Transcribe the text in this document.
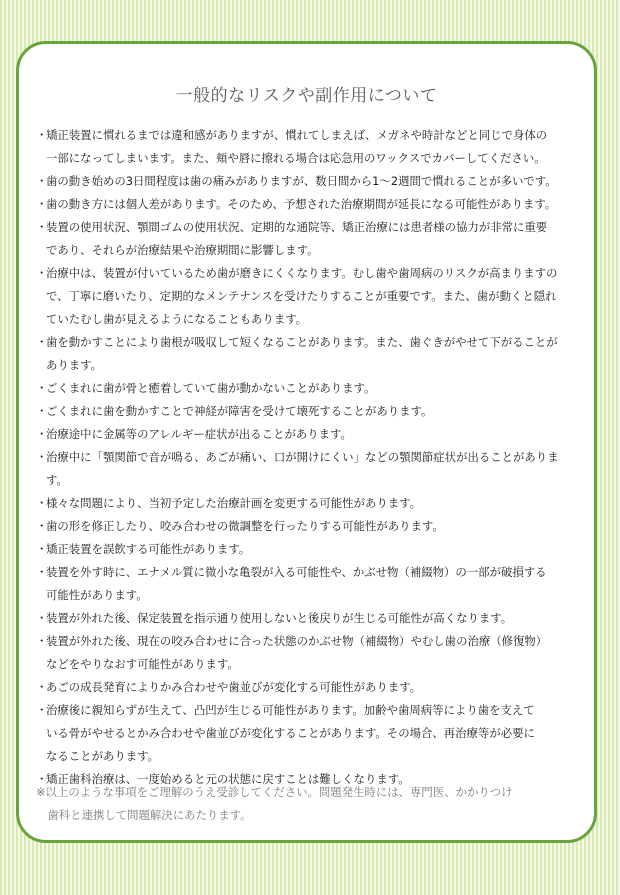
一般的なリスクや副作用について
・
矯正装置に慣れるまでは違和感がありますが、慣れてしまえば、メガネや時計などと同じで身体の
一部になってしまいます。また、頬や唇に擦れる場合は応急用のワックスでカバーしてください。
・
歯の動き始めの3日間程度は歯の痛みがありますが、数日間から1～2週間で慣れることが多いです。
・
歯の動き方には個人差があります。そのため、予想された治療期間が延長になる可能性があります。
・
装置の使用状況、顎間ゴムの使用状況、定期的な通院等、矯正治療には患者様の協力が非常に重要
であり、それらが治療結果や治療期間に影響します。
・
治療中は、装置が付いているため歯が磨きにくくなります。むし歯や歯周病のリスクが高まりますの
で、丁寧に磨いたり、定期的なメンテナンスを受けたりすることが重要です。また、歯が動くと隠れ
ていたむし歯が見えるようになることもあります。
・
歯を動かすことにより歯根が吸収して短くなることがあります。また、歯ぐきがやせて下がることが
あります。
・
ごくまれに歯が骨と癒着していて歯が動かないことがあります。
・
ごくまれに歯を動かすことで神経が障害を受けて壊死することがあります。
・
治療途中に金属等のアレルギー症状が出ることがあります。
・
治療中に「顎関節で音が鳴る、あごが痛い、口が開けにくい」などの顎関節症状が出ることがありま
す。
・
様々な問題により、当初予定した治療計画を変更する可能性があります。
・
歯の形を修正したり、咬み合わせの微調整を行ったりする可能性があります。
・
矯正装置を誤飲する可能性があります。
・
装置を外す時に、エナメル質に微小な亀裂が入る可能性や、かぶせ物（補綴物）の一部が破損する
可能性があります。
・
装置が外れた後、保定装置を指示通り使用しないと後戻りが生じる可能性が高くなります。
・
装置が外れた後、現在の咬み合わせに合った状態のかぶせ物（補綴物）やむし歯の治療（修復物）
などをやりなおす可能性があります。
・
あごの成長発育によりかみ合わせや歯並びが変化する可能性があります。
・
治療後に親知らずが生えて、凸凹が生じる可能性があります。加齢や歯周病等により歯を支えて
いる骨がやせるとかみ合わせや歯並びが変化することがあります。その場合、再治療等が必要に
なることがあります。
・
矯正歯科治療は、一度始めると元の状態に戻すことは難しくなります。
※以上のような事項をご理解のうえ受診してください。問題発生時には、専門医、かかりつけ
　歯科と連携して問題解決にあたります。
